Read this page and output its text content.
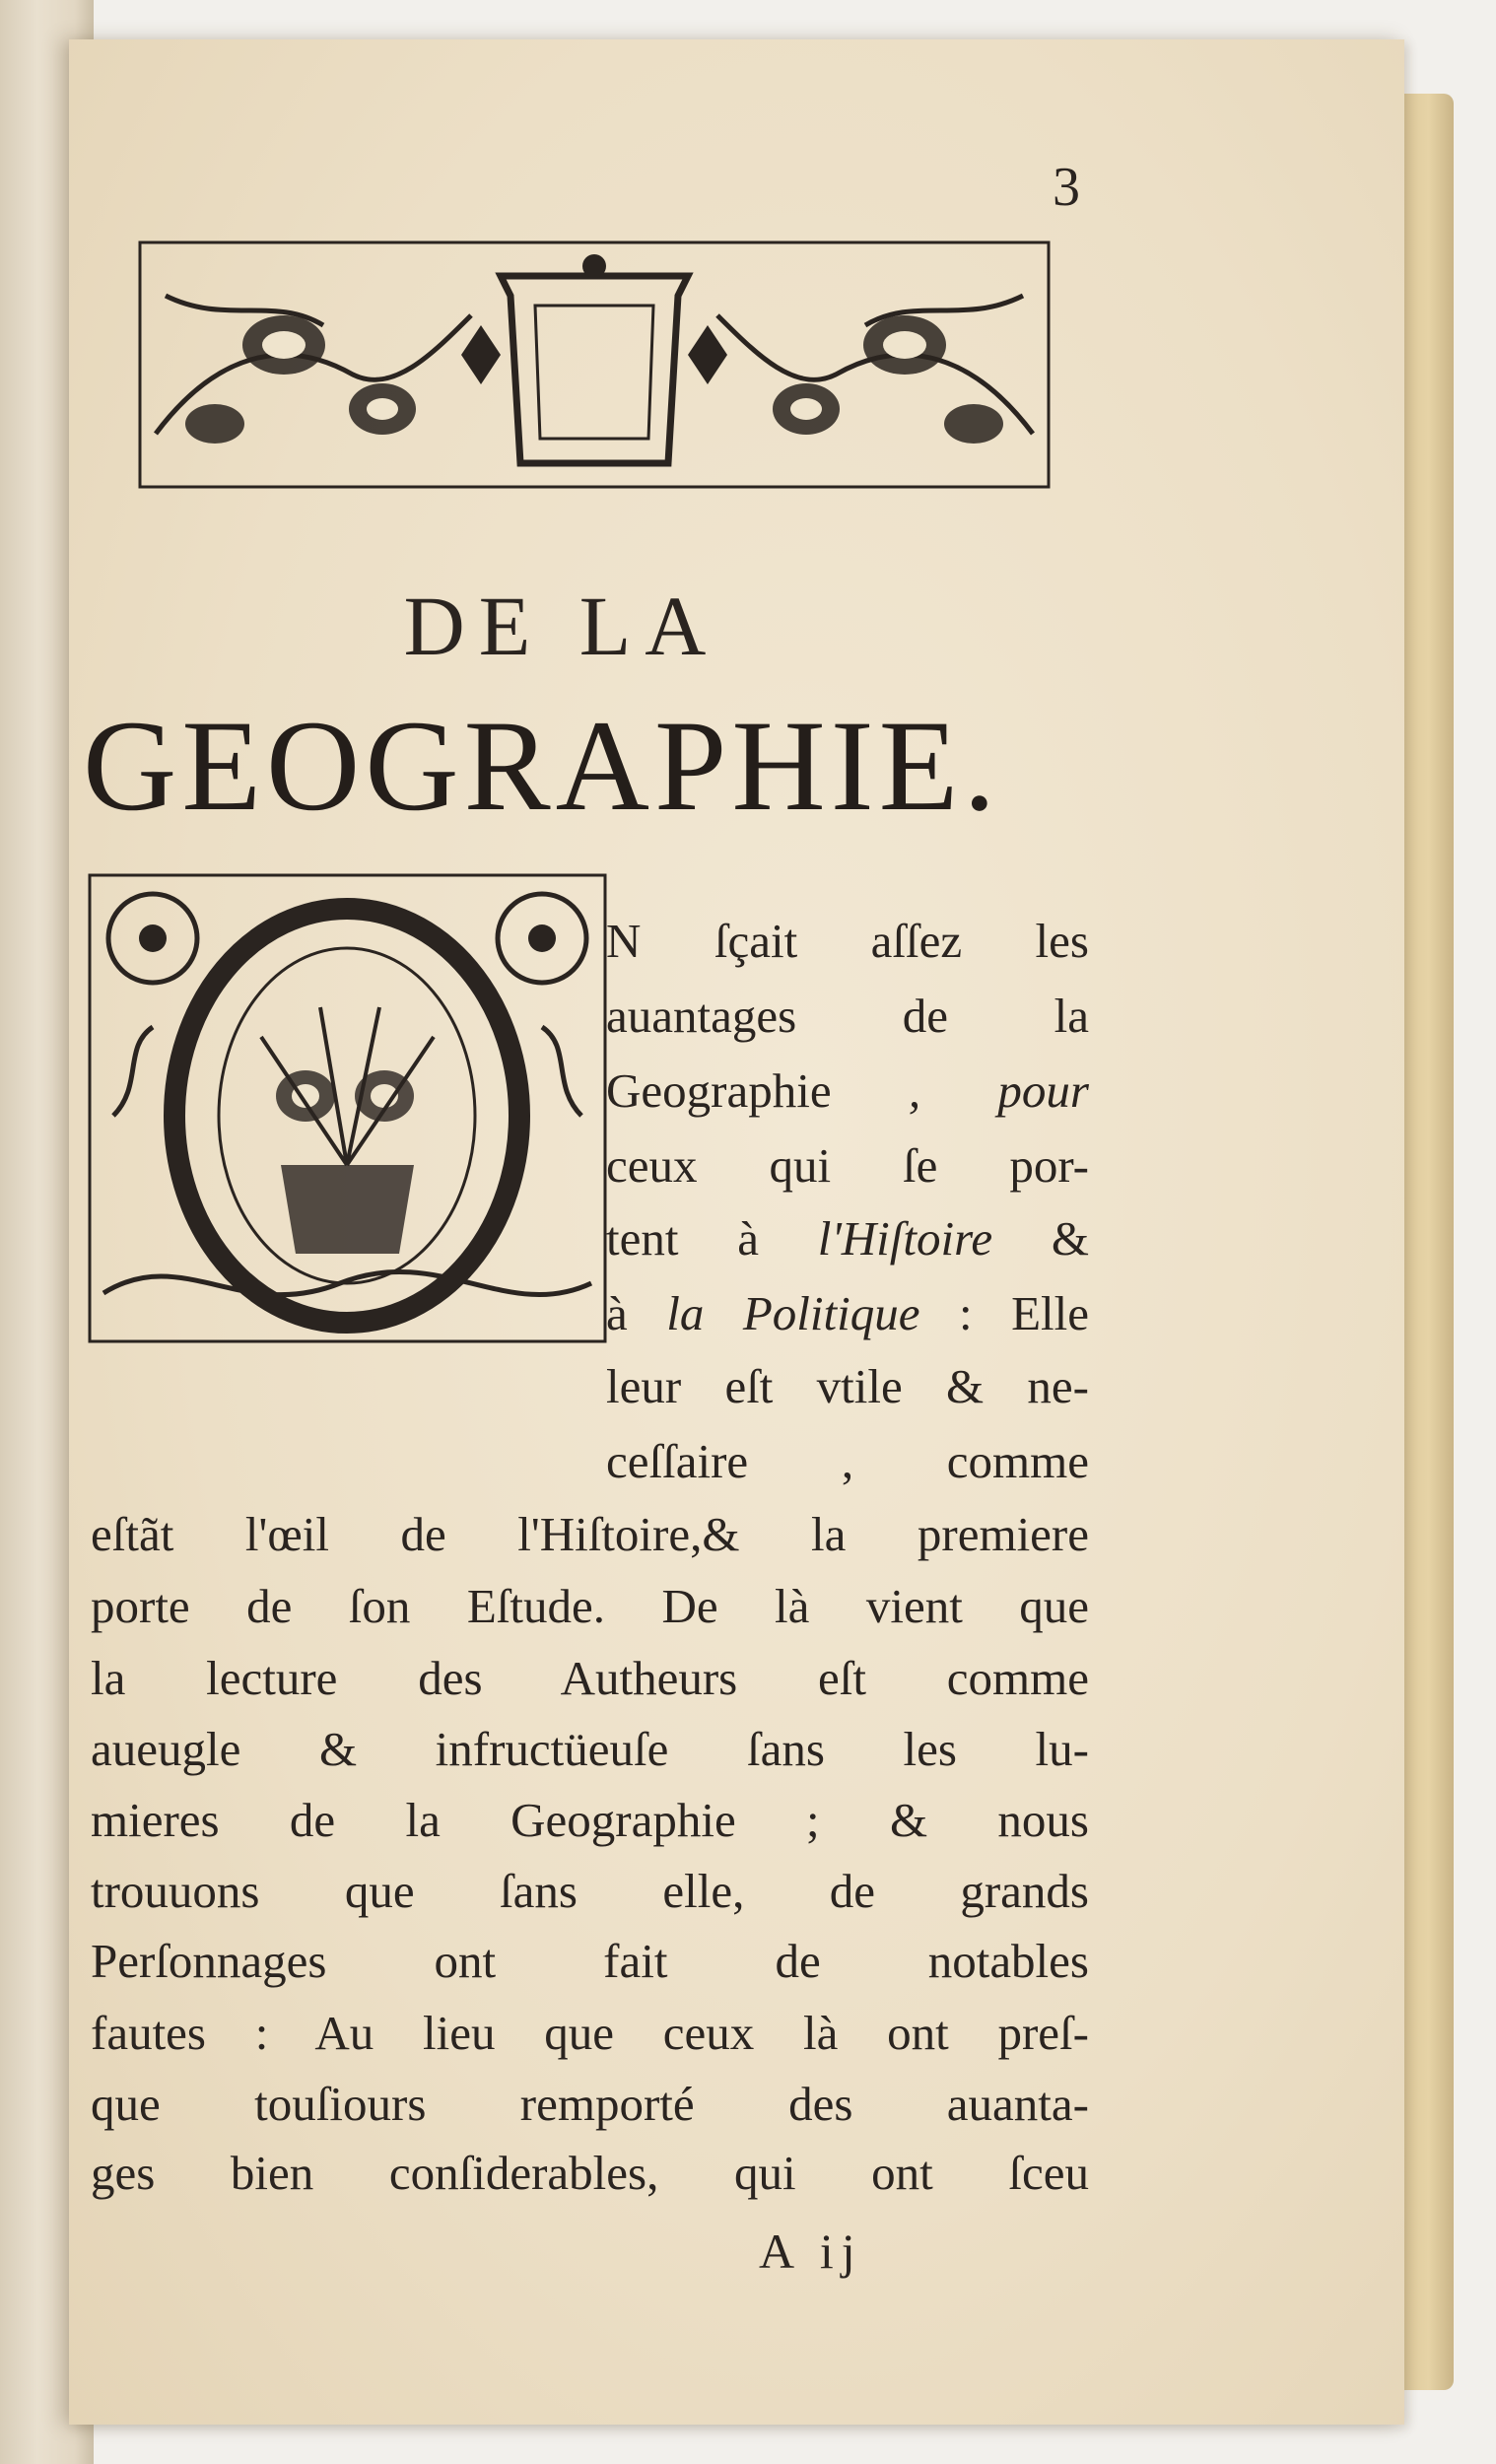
3
DE LA
GEOGRAPHIE.
N ſçait aſſez les
auantages de la
Geographie , pour
ceux qui ſe por-
tent à l'Hiſtoire &
à la Politique : Elle
leur eſt vtile & ne-
ceſſaire , comme
eſtãt l'œil de l'Hiſtoire,& la premiere
porte de ſon Eſtude. De là vient que
la lecture des Autheurs eſt comme
aueugle & infructüeuſe ſans les lu-
mieres de la Geographie ; & nous
trouuons que ſans elle, de grands
Perſonnages ont fait de notables
fautes : Au lieu que ceux là ont preſ-
que touſiours remporté des auanta-
ges bien conſiderables, qui ont ſceu
A ij
